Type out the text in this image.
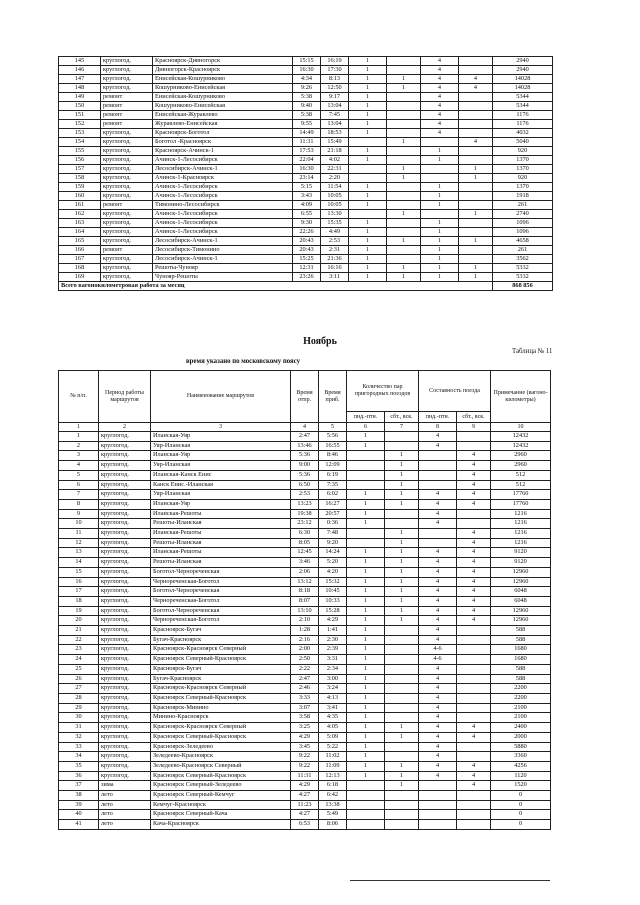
145	круглогод.	Красноярск-Дивногорск	15:15	16:19	1		4		2940
146	круглогод.	Дивногорск-Красноярск	16:30	17:30	1		4		2940
147	круглогод.	Енисейская-Кошурниково	4:34	8:13	1	1	4	4	14028
148	круглогод.	Кошурниково-Енисейская	9:26	12:50	1	1	4	4	14028
149	ремонт	Енисейская-Кошурниково	5:38	9:17	1		4		5344
150	ремонт	Кошурниково-Енисейская	9:40	13:04	1		4		5344
151	ремонт	Енисейская-Журавлево	5:38	7:45	1		4		1176
152	ремонт	Журавлево-Енисейская	9:55	13:04	1		4		1176
153	круглогод.	Красноярск-Боготол	14:49	18:53	1		4		4032
154	круглогод.	Боготол -Красноярск	11:31	15:49		1		4	5040
155	круглогод.	Красноярск-Ачинск-1	17:53	21:18	1		1		920
156	круглогод.	Ачинск-1-Лесосибирск	22:04	4:02	1		1		1370
157	круглогод.	Лесосибирск-Ачинск-1	16:30	22:31		1		1	1370
158	круглогод.	Ачинск-1-Красноярск	23:14	2:20		1		1	920
159	круглогод.	Ачинск-1-Лесосибирск	5:15	11:54	1		1		1370
160	круглогод.	Ачинск-1-Лесосибирск	3:43	10:05	1		1		1918
161	ремонт	Тимонино-Лесосибирск	4:09	10:05	1		1		261
162	круглогод.	Ачинск-1-Лесосибирск	6:55	13:30		1		1	2740
163	круглогод.	Ачинск-1-Лесосибирск	9:30	15:35	1		1		1096
164	круглогод.	Ачинск-1-Лесосибирск	22:26	4:49	1		1		1096
165	круглогод.	Лесосибирск-Ачинск-1	20:43	2:53	1	1	1	1	4658
166	ремонт	Лесосибирск-Тимонино	20:43	2:31	1		1		261
167	круглогод.	Лесосибирск-Ачинск-1	15:25	21:36	1		1		3562
168	круглогод.	Решоты-Чунояр	12:31	16:16	1	1	1	1	5332
169	круглогод.	Чунояр-Решоты	23:26	3:11	1	1	1	1	5332
Всего вагонокилометровая работа за месяц									868 856
Ноябрь
Таблица № 11
время указано по московскому поясу
№ п/п.	Период работы маршрутов	Наименование маршрутов	Время отпр.	Время приб.	Количество пар пригородных поездов		Составность поезда		Примечание (вагоно-километры)
					пнд.-птн.	сбт., вск.	пнд.-птн.	сбт., вск.	
1	2	3	4	5	6	7	8	9	10
1	круглогод.	Иланская-Уяр	2:47	5:56	1		4		12432
2	круглогод.	Уяр-Иланская	13:46	16:55	1		4		12432
3	круглогод.	Иланская-Уяр	5:36	8:46		1		4	2960
4	круглогод.	Уяр-Иланская	9:00	12:09		1		4	2960
5	круглогод.	Иланская-Канск Енис	5:36	6:19		1		4	512
6	круглогод.	Канск Енис.-Иланская	6:50	7:35		1		4	512
7	круглогод.	Уяр-Иланская	2:53	6:02	1	1	4	4	17760
8	круглогод.	Иланская-Уяр	13:23	16:27	1	1	4	4	17760
9	круглогод.	Иланская-Решоты	19:38	20:57	1		4		1216
10	круглогод.	Решоты-Иланская	23:12	0:36	1		4		1216
11	круглогод.	Иланская-Решоты	6:30	7:48		1		4	1216
12	круглогод.	Решоты-Иланская	8:05	9:20		1		4	1216
13	круглогод.	Иланская-Решоты	12:45	14:24	1	1	4	4	9120
14	круглогод.	Решоты-Иланская	3:46	5:20	1	1	4	4	9120
15	круглогод.	Боготол-Чернореченская	2:06	4:20	1	1	4	4	12960
16	круглогод.	Чернореченская-Боготол	13:12	15:32	1	1	4	4	12960
17	круглогод.	Боготол-Чернореченская	8:18	10:45	1	1	4	4	6048
18	круглогод.	Чернореченская-Боготол	8:07	10:33	1	1	4	4	6048
19	круглогод.	Боготол-Чернореченская	13:10	15:28	1	1	4	4	12960
20	круглогод.	Чернореченская-Боготол	2:10	4:29	1	1	4	4	12960
21	круглогод.	Красноярск-Бугач	1:28	1:41	1		4		588
22	круглогод.	Бугач-Красноярск	2:16	2:30	1		4		588
23	круглогод.	Красноярск-Красноярск Северный	2:00	2:39	1		4-6		1680
24	круглогод.	Красноярск Северный-Красноярск	2:50	3:31	1		4-6		1680
25	круглогод.	Красноярск-Бугач	2:22	2:34	1		4		588
26	круглогод.	Бугач-Красноярск	2:47	3:00	1		4		588
27	круглогод.	Красноярск-Красноярск Северный	2:46	3:24	1		4		2200
28	круглогод.	Красноярск Северный-Красноярск	3:33	4:13	1		4		2200
29	круглогод.	Красноярск-Минино	3:07	3:41	1		4		2100
30	круглогод.	Минино-Красноярск	3:58	4:35	1		4		2100
31	круглогод.	Красноярск-Красноярск Северный	3:25	4:05	1	1	4	4	2400
32	круглогод.	Красноярск Северный-Красноярск	4:29	5:09	1	1	4	4	2000
33	круглогод.	Красноярск-Зеледеево	3:45	5:22	1		4		5880
34	круглогод.	Зеледеево-Красноярск	9:22	11:02	1		4		3360
35	круглогод.	Зеледеево-Красноярск Северный	9:22	11:09	1	1	4	4	4256
36	круглогод.	Красноярск Северный-Красноярск	11:31	12:13	1	1	4	4	1120
37	зима	Красноярск Северный-Зеледеево	4:29	6:18		1		4	1520
38	лето	Красноярск Северный-Кемчуг	4:27	6:42					0
39	лето	Кемчуг-Красноярск	11:23	13:38					0
40	лето	Красноярск Северный-Кача	4:27	5:49					0
41	лето	Кача-Красноярск	6:53	8:06					0
